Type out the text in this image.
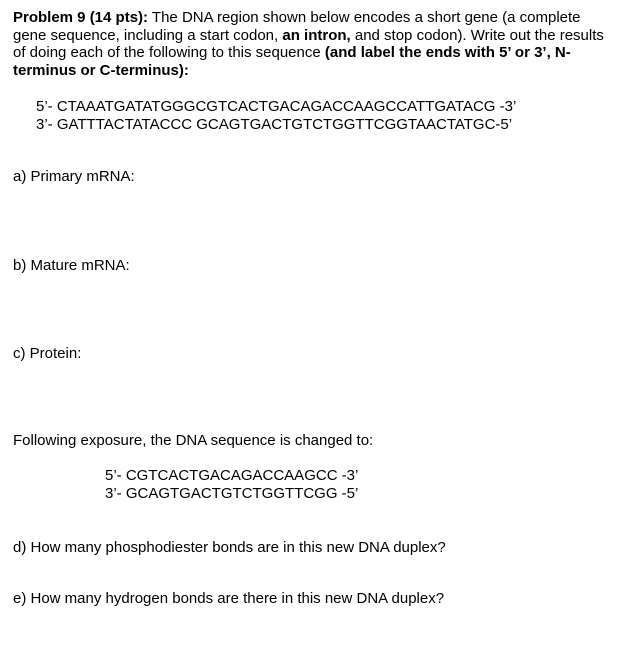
Problem 9 (14 pts): The DNA region shown below encodes a short gene (a complete gene sequence, including a start codon, an intron, and stop codon). Write out the results of doing each of the following to this sequence (and label the ends with 5’ or 3’, N-terminus or C-terminus):
5’- CTAAATGATATGGGCGTCACTGACAGACCAAGCCATTGATACG -3’
3’- GATTTACTATACCC GCAGTGACTGTCTGGTTCGGTAACTATGC-5’
a) Primary mRNA:
b) Mature mRNA:
c) Protein:
Following exposure, the DNA sequence is changed to:
5’- CGTCACTGACAGACCAAGCC -3’
3’- GCAGTGACTGTCTGGTTCGG -5’
d) How many phosphodiester bonds are in this new DNA duplex?
e) How many hydrogen bonds are there in this new DNA duplex?
